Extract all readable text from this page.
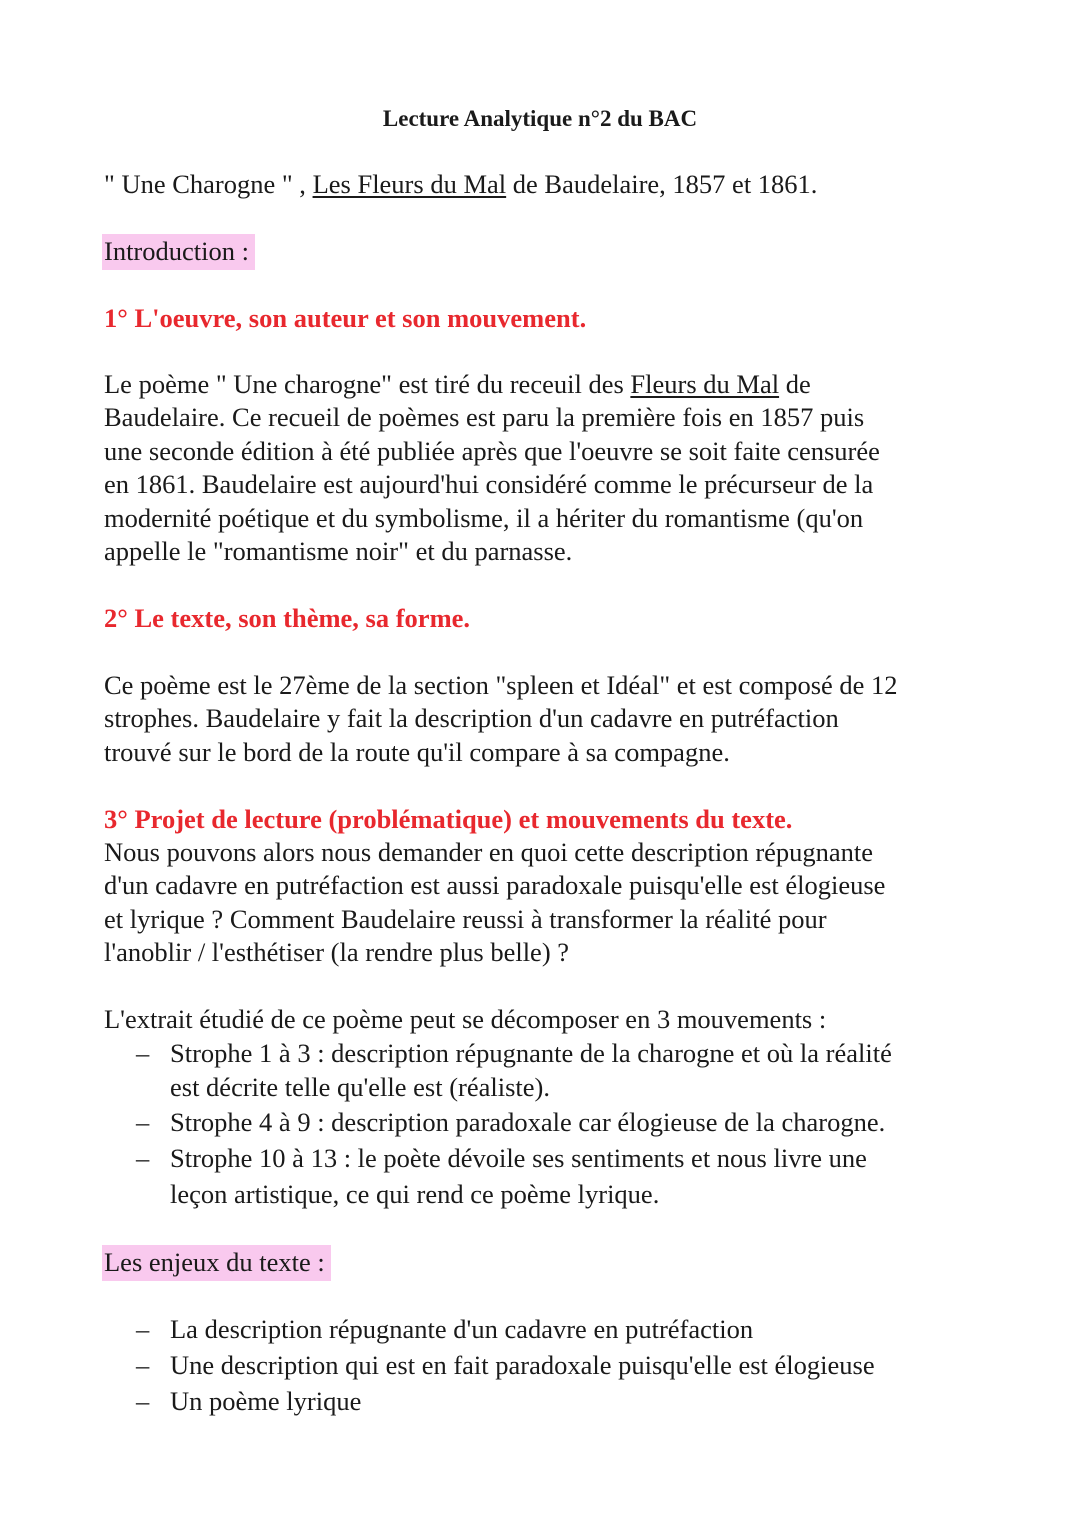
Lecture Analytique n°2 du BAC
" Une Charogne " , Les Fleurs du Mal de Baudelaire, 1857 et 1861.
Introduction :
1° L'oeuvre, son auteur et son mouvement.
Le poème " Une charogne" est tiré du receuil des Fleurs du Mal de
Baudelaire. Ce recueil de poèmes est paru la première fois en 1857 puis
une seconde édition à été publiée après que l'oeuvre se soit faite censurée
en 1861. Baudelaire est aujourd'hui considéré comme le précurseur de la
modernité poétique et du symbolisme, il a hériter du romantisme (qu'on
appelle le "romantisme noir" et du parnasse.
2° Le texte, son thème, sa forme.
Ce poème est le 27ème de la section "spleen et Idéal" et est composé de 12
strophes. Baudelaire y fait la description d'un cadavre en putréfaction
trouvé sur le bord de la route qu'il compare à sa compagne.
3° Projet de lecture (problématique) et mouvements du texte.
Nous pouvons alors nous demander en quoi cette description répugnante
d'un cadavre en putréfaction est aussi paradoxale puisqu'elle est élogieuse
et lyrique ? Comment Baudelaire reussi à transformer la réalité pour
l'anoblir / l'esthétiser (la rendre plus belle) ?
L'extrait étudié de ce poème peut se décomposer en 3 mouvements :
– Strophe 1 à 3 : description répugnante de la charogne et où la réalité
est décrite telle qu'elle est (réaliste).
– Strophe 4 à 9 : description paradoxale car élogieuse de la charogne.
– Strophe 10 à 13 : le poète dévoile ses sentiments et nous livre une
leçon artistique, ce qui rend ce poème lyrique.
Les enjeux du texte :
– La description répugnante d'un cadavre en putréfaction
– Une description qui est en fait paradoxale puisqu'elle est élogieuse
– Un poème lyrique
